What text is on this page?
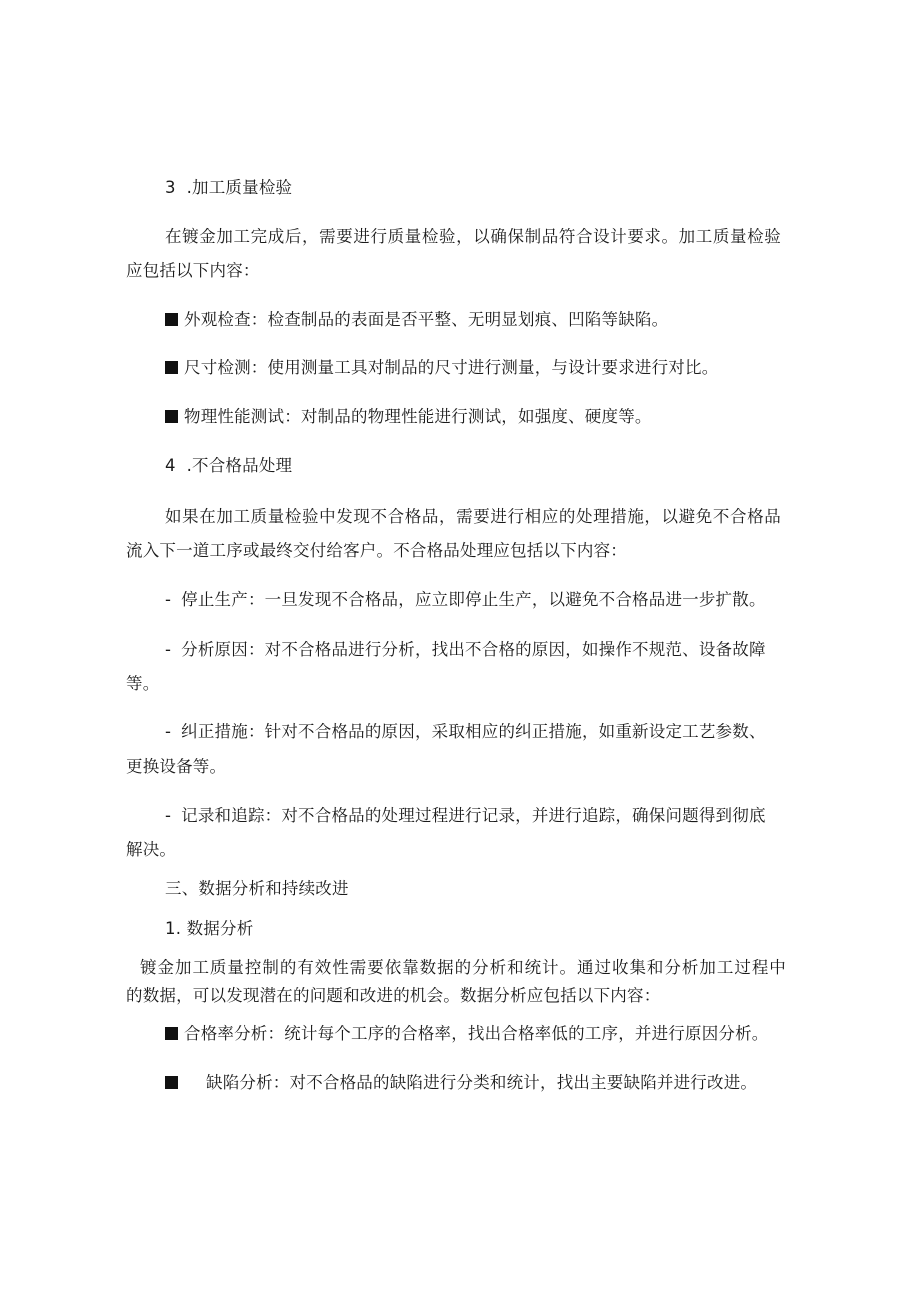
3  .加工质量检验
在镀金加工完成后，需要进行质量检验，以确保制品符合设计要求。加工质量检验
应包括以下内容：
外观检查：检查制品的表面是否平整、无明显划痕、凹陷等缺陷。
尺寸检测：使用测量工具对制品的尺寸进行测量，与设计要求进行对比。
物理性能测试：对制品的物理性能进行测试，如强度、硬度等。
4  .不合格品处理
如果在加工质量检验中发现不合格品，需要进行相应的处理措施，以避免不合格品
流入下一道工序或最终交付给客户。不合格品处理应包括以下内容：
- 停止生产：一旦发现不合格品，应立即停止生产，以避免不合格品进一步扩散。
- 分析原因：对不合格品进行分析，找出不合格的原因，如操作不规范、设备故障
等。
- 纠正措施：针对不合格品的原因，采取相应的纠正措施，如重新设定工艺参数、
更换设备等。
- 记录和追踪：对不合格品的处理过程进行记录，并进行追踪，确保问题得到彻底
解决。
三、数据分析和持续改进
1. 数据分析
镀金加工质量控制的有效性需要依靠数据的分析和统计。通过收集和分析加工过程中
的数据，可以发现潜在的问题和改进的机会。数据分析应包括以下内容：
合格率分析：统计每个工序的合格率，找出合格率低的工序，并进行原因分析。
缺陷分析：对不合格品的缺陷进行分类和统计，找出主要缺陷并进行改进。
